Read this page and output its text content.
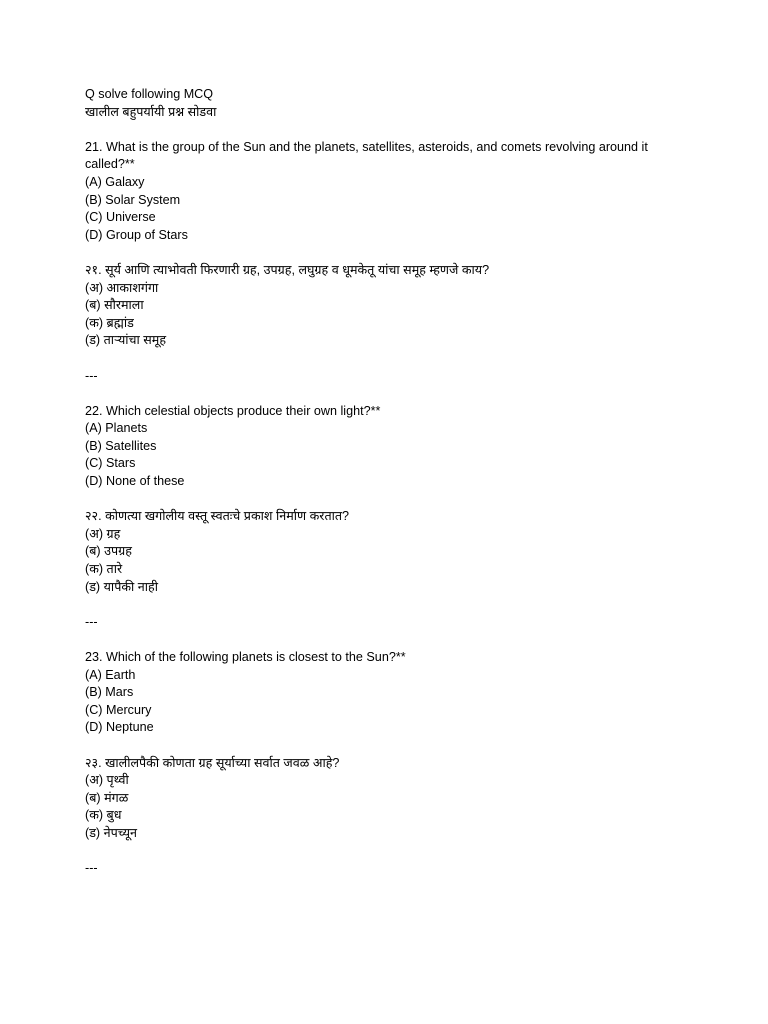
Q solve following MCQ
खालील बहुपर्यायी प्रश्न सोडवा
21. What is the group of the Sun and the planets, satellites, asteroids, and comets revolving around it called?**
(A) Galaxy
(B) Solar System
(C) Universe
(D) Group of Stars
२१. सूर्य आणि त्याभोवती फिरणारी ग्रह, उपग्रह, लघुग्रह व धूमकेतू यांचा समूह म्हणजे काय?
(अ) आकाशगंगा
(ब) सौरमाला
(क) ब्रह्मांड
(ड) ताऱ्यांचा समूह
---
22. Which celestial objects produce their own light?**
(A) Planets
(B) Satellites
(C) Stars
(D) None of these
२२. कोणत्या खगोलीय वस्तू स्वतःचे प्रकाश निर्माण करतात?
(अ) ग्रह
(ब) उपग्रह
(क) तारे
(ड) यापैकी नाही
---
23. Which of the following planets is closest to the Sun?**
(A) Earth
(B) Mars
(C) Mercury
(D) Neptune
२३. खालीलपैकी कोणता ग्रह सूर्याच्या सर्वात जवळ आहे?
(अ) पृथ्वी
(ब) मंगळ
(क) बुध
(ड) नेपच्यून
---
